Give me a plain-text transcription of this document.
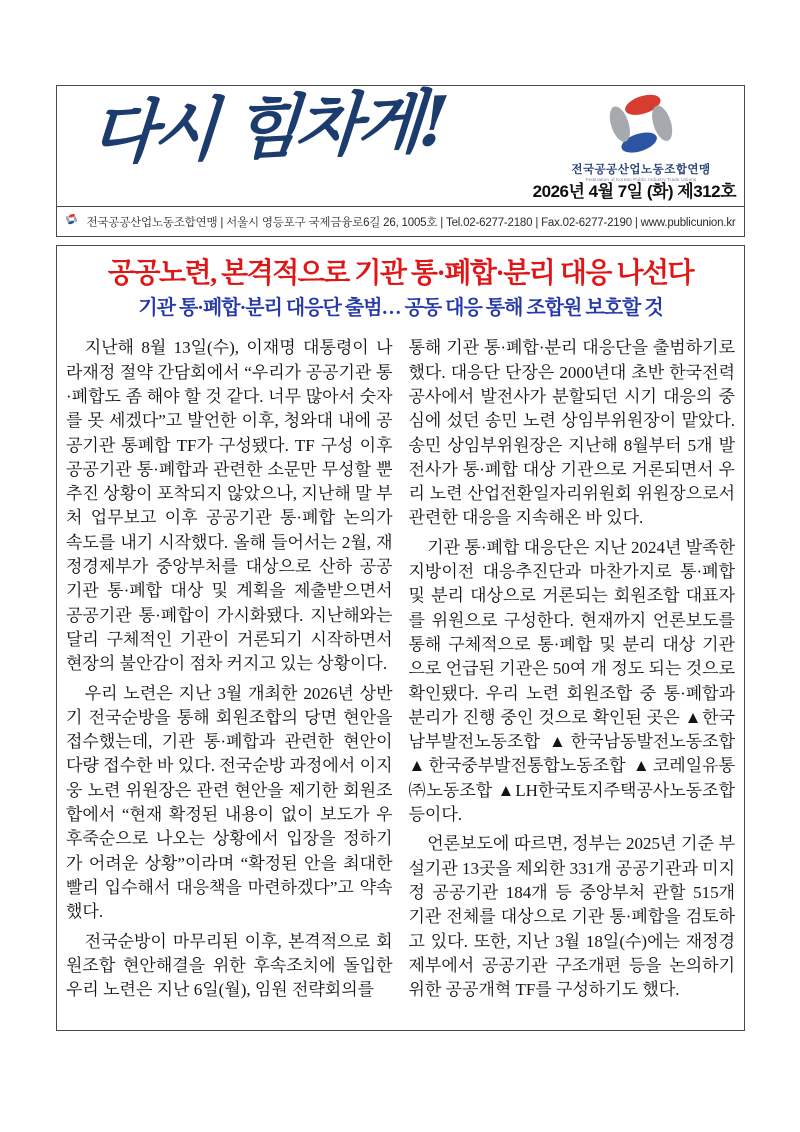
다시 힘차게!	전국공공산업노동조합연맹
Federation of Korean Public Industry Trade Unions
2026년 4월 7일 (화) 제312호
전국공공산업노동조합연맹 | 서울시 영등포구 국제금융로6길 26, 1005호 | Tel.02-6277-2180 | Fax.02-6277-2190 | www.publicunion.kr
공공노련, 본격적으로 기관 통·폐합·분리 대응 나선다
기관 통·폐합·분리 대응단 출범… 공동 대응 통해 조합원 보호할 것

지난해 8월 13일(수), 이재명 대통령이 나라재정 절약 간담회에서 “우리가 공공기관 통·폐합도 좀 해야 할 것 같다. 너무 많아서 숫자를 못 세겠다”고 발언한 이후, 청와대 내에 공공기관 통폐합 TF가 구성됐다. TF 구성 이후 공공기관 통·폐합과 관련한 소문만 무성할 뿐 추진 상황이 포착되지 않았으나, 지난해 말 부처 업무보고 이후 공공기관 통·폐합 논의가 속도를 내기 시작했다. 올해 들어서는 2월, 재정경제부가 중앙부처를 대상으로 산하 공공기관 통·폐합 대상 및 계획을 제출받으면서 공공기관 통·폐합이 가시화됐다. 지난해와는 달리 구체적인 기관이 거론되기 시작하면서 현장의 불안감이 점차 커지고 있는 상황이다.

우리 노련은 지난 3월 개최한 2026년 상반기 전국순방을 통해 회원조합의 당면 현안을 접수했는데, 기관 통·폐합과 관련한 현안이 다량 접수한 바 있다. 전국순방 과정에서 이지웅 노련 위원장은 관련 현안을 제기한 회원조합에서 “현재 확정된 내용이 없이 보도가 우후죽순으로 나오는 상황에서 입장을 정하기가 어려운 상황”이라며 “확정된 안을 최대한 빨리 입수해서 대응책을 마련하겠다”고 약속했다.

전국순방이 마무리된 이후, 본격적으로 회원조합 현안해결을 위한 후속조치에 돌입한 우리 노련은 지난 6일(월), 임원 전략회의를

통해 기관 통·폐합·분리 대응단을 출범하기로 했다. 대응단 단장은 2000년대 초반 한국전력공사에서 발전사가 분할되던 시기 대응의 중심에 섰던 송민 노련 상임부위원장이 맡았다. 송민 상임부위원장은 지난해 8월부터 5개 발전사가 통·폐합 대상 기관으로 거론되면서 우리 노련 산업전환일자리위원회 위원장으로서 관련한 대응을 지속해온 바 있다.

기관 통·폐합 대응단은 지난 2024년 발족한 지방이전 대응추진단과 마찬가지로 통·폐합 및 분리 대상으로 거론되는 회원조합 대표자를 위원으로 구성한다. 현재까지 언론보도를 통해 구체적으로 통·폐합 및 분리 대상 기관으로 언급된 기관은 50여 개 정도 되는 것으로 확인됐다. 우리 노련 회원조합 중 통·폐합과 분리가 진행 중인 것으로 확인된 곳은 ▲한국남부발전노동조합 ▲한국남동발전노동조합 ▲한국중부발전통합노동조합 ▲코레일유통㈜노동조합 ▲LH한국토지주택공사노동조합 등이다.

언론보도에 따르면, 정부는 2025년 기준 부설기관 13곳을 제외한 331개 공공기관과 미지정 공공기관 184개 등 중앙부처 관할 515개 기관 전체를 대상으로 기관 통·폐합을 검토하고 있다. 또한, 지난 3월 18일(수)에는 재정경제부에서 공공기관 구조개편 등을 논의하기 위한 공공개혁 TF를 구성하기도 했다.
